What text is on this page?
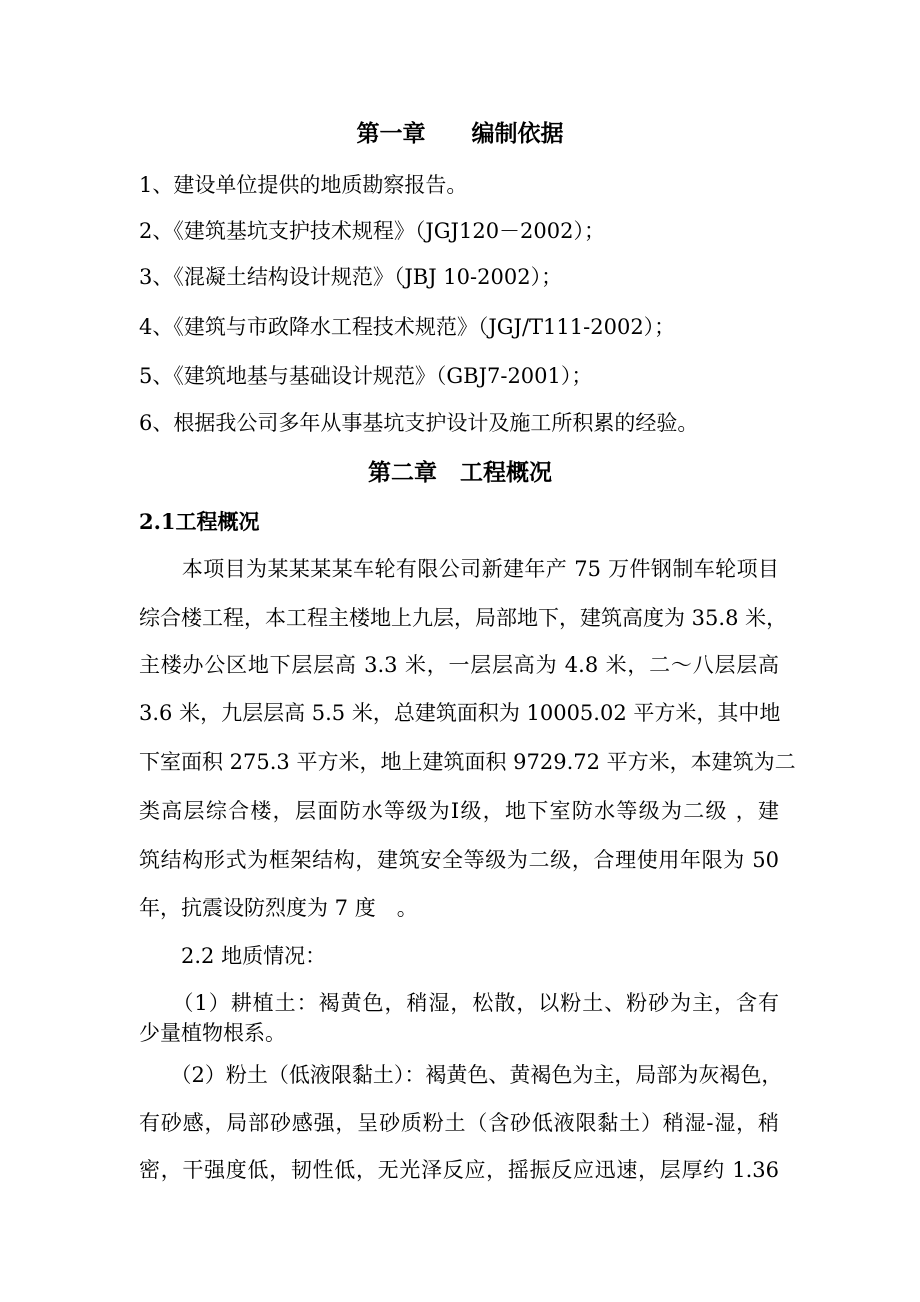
第一章　　编制依据
1、建设单位提供的地质勘察报告。
2、《建筑基坑支护技术规程》（JGJ120－2002）；
3、《混凝土结构设计规范》（JBJ 10-2002）；
4、《建筑与市政降水工程技术规范》（JGJ/T111-2002）；
5、《建筑地基与基础设计规范》（GBJ7-2001）；
6、根据我公司多年从事基坑支护设计及施工所积累的经验。
第二章　工程概况
2.1工程概况
　　本项目为某某某某车轮有限公司新建年产 75 万件钢制车轮项目
综合楼工程，本工程主楼地上九层，局部地下，建筑高度为 35.8 米，
主楼办公区地下层层高 3.3 米，一层层高为 4.8 米，二～八层层高
3.6 米，九层层高 5.5 米，总建筑面积为 10005.02 平方米，其中地
下室面积 275.3 平方米，地上建筑面积 9729.72 平方米，本建筑为二
类高层综合楼，层面防水等级为Ⅰ级，地下室防水等级为二级 ，建
筑结构形式为框架结构，建筑安全等级为二级，合理使用年限为 50
年，抗震设防烈度为 7 度　。
　　2.2 地质情况：
　　（1）耕植土：褐黄色，稍湿，松散，以粉土、粉砂为主，含有
少量植物根系。
　　（2）粉土（低液限黏土）：褐黄色、黄褐色为主，局部为灰褐色，
有砂感，局部砂感强，呈砂质粉土（含砂低液限黏土）稍湿-湿，稍
密，干强度低，韧性低，无光泽反应，摇振反应迅速，层厚约 1.36
